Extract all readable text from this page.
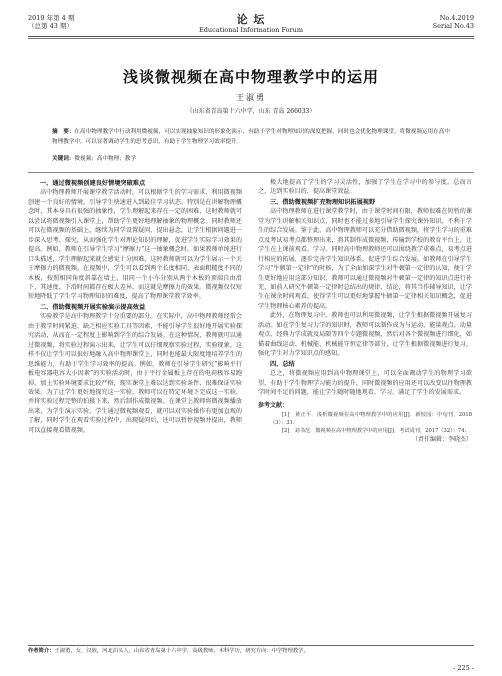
2019 年第 4 期
（总第 43 期）	论 坛
Educational Information Forum
No.4.2019
Serial No.43
浅谈微视频在高中物理教学中的运用
王淑勇
（山东省青岛第十六中学，山东 青岛 266033）
摘　要：在高中物理教学中行动利用微视频，可以实现抽象知识的形象化演示，有助于学生对物理知识的深度把握，同时也会优化物理课堂。将微视频运用在高中物理教学中，可以显著调动学生的思考意识，有助于学生物理学习效率提升。
关键词：微视频；高中物理；教学
一、通过微视频创建良好情境突破难点

高中物理教师开展课堂教学活动时，可以根据学生的学习需求，利用微视频创建一个良好的情境，引导学生快速进入到最佳学习状态。特别是在讲解物理概念时，其本身具有很强的抽象性，学生理解起来存在一定的困难，这时教师就可以尝试将微视频引入课堂上，帮助学生更好地理解抽象的物理概念。同时教师还可以在微视频的基础上，继续为同学设置疑问，提出悬念，让学生根据问题进一步深入思考、探究，从而强化学生对理论知识的理解，促进学生实际学习效果的提高。例如，教师在引导学生学习“摩擦力”这一抽象概念时，如果教师单纯进行口头描述，学生理解起来就会感觉十分困难，这时教师就可以为学生展示一个关于摩擦力的微视频。在视频中，学生可以看到两个长度相同、表面粗糙度不同的木板，按照相同角度斜靠在墙上，用同一个小车分别从两个木板的顶端自由滑下，其速度、下滑时间都存在极大差异，而这就是摩擦力的效果。微视频仅仅短短地降低了学生学习物理知识的难度，提高了物理课堂教学效率。

二、借助微视频开展实验演示提高效益

实验教学是高中物理教学十分重要的部分。在实际中，高中物理教师经常会由于教学时间紧迫、缺乏相应实验工具等因素，不能引导学生很好地开展实验探究活动，从而在一定程度上影响到学生的综合发展。在这种情况，教师就可以通过微视频，将实验过程演示出来，让学生可以仔细观察实验过程、实验现象。这样不仅让学生可以很好地融入高中物理课堂上，同时也能最大限度地培养学生的思维能力，有助于学生学习效率的提高。例如，教师在引导学生研究“影响平行板电容器电容大小因素”的实验活动时，由于平行金属板上存在的电荷极容易跑掉，加上实验环境要求比较严格，现实课堂上难以达到实验条件，很难保证实验效果。为了让学生更好地探究这一实验，教师可以在特定环境下完成这一实验，并将实验过程完整的拍摄下来，然后制作成微视频。在课堂上教师将微视频播放出来，为学生演示实验，学生通过微视频观看，就可以对实验操作有更加直观的了解，同时学生在观看实验过程中，出现疑问后，还可以暂停视频并提出，教师可以直接观看微视频，

极大地提高了学生的学习灵活性，加强了学生在学习中的参与度。总而言之，达到实验目的，提高课堂效益。

三、借助微视频扩充物理知识拓展视野

高中物理教师在进行课堂教学时，由于课堂时间有限，教师很难在短暂的课堂为学生讲解相关知识点，同时也不能过多地引导学生探究课外知识，不利于学生的综合发展。鉴于此，高中物理教师可以充分借助微视频，将学生学习的重难点及考试易考点都整理出来，将其制作成微视频，传输到学校的教育平台上，让学生在上课前观看、学习。同时高中物理教师还可以围绕教学重难点，易考点进行相应的拓展，逐步完善学生知识体系，促进学生综合发展。如教师在引导学生学习“牛顿第一定律”的时候，为了全面加深学生对牛顿第一定律的认知，便于学生更好地应用这部分知识，教师可以通过微视频对牛顿第一定律的知识点进行补充，如前人研究牛顿第一定律时总结出的规律、结论，将其当作辅导知识，让学生在课余时间观看，使得学生可以更好地掌握牛顿第一定律相关知识概念，促进学生物理核心素养的提高。

此外，在物理复习中，教师也可以利用微视频，让学生根据微视频开展复习活动。如在学生复习力学的知识时，教师可以制作成为与运动、能量观点、动量观点、经典力学成就及局限等四个专题微视频，然后对各个微视频进行细化，如描着曲线运动、机械能、机械能守恒定律等部分，让学生根据微视频进行复习，强化学生对力学知识点的感知。

四、总结

总之，将微视频应用到高中物理课堂上，可以全面调动学生的物理学习欲望，有助于学生物理学习能力的提升，同时微视频的应用还可以改变以往物理教学时间不足的问题，能让学生随时随地观看、学习，满足了学生的发展需求。

参考文献：

[1]　黄正平．浅析微视频在高中物理教学中的应用[J]．新校园：中旬刊，2018（3）：31.

[2]　刘书范．微视频在高中物理教学中的应用[J]．考试周刊，2017（32）：74.

（责任编辑：李晓杰）

作者简介：王淑勇，女，汉族，河北泊头人，山东省青岛第十六中学，高级教师，本科学历，研究方向：中学物理教学。
- 225 -
